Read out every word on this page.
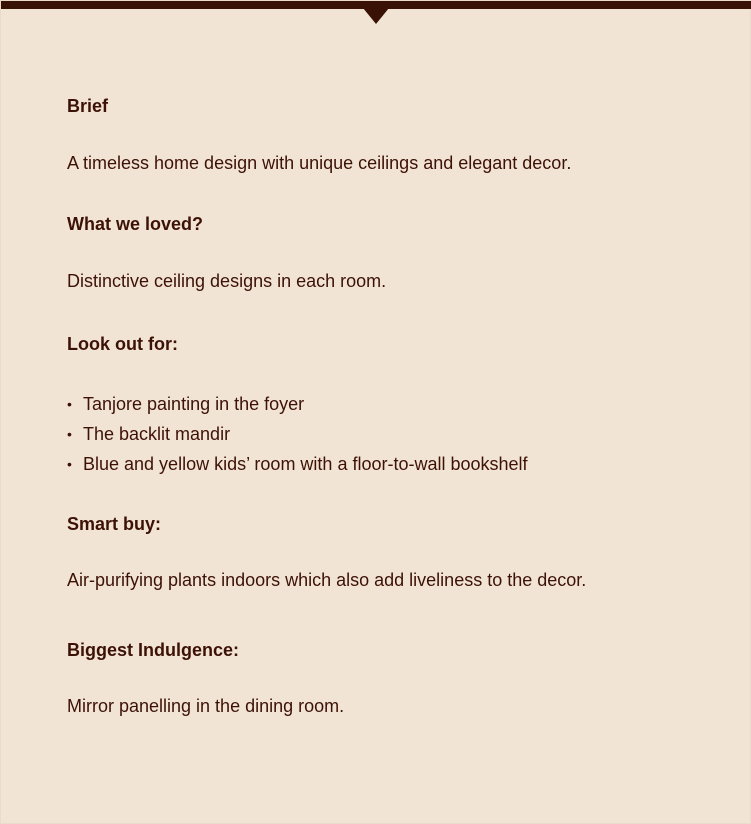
Brief
A timeless home design with unique ceilings and elegant decor.
What we loved?
Distinctive ceiling designs in each room.
Look out for:
• Tanjore painting in the foyer
• The backlit mandir
• Blue and yellow kids’ room with a floor-to-wall bookshelf
Smart buy:
Air-purifying plants indoors which also add liveliness to the decor.
Biggest Indulgence:
Mirror panelling in the dining room.
